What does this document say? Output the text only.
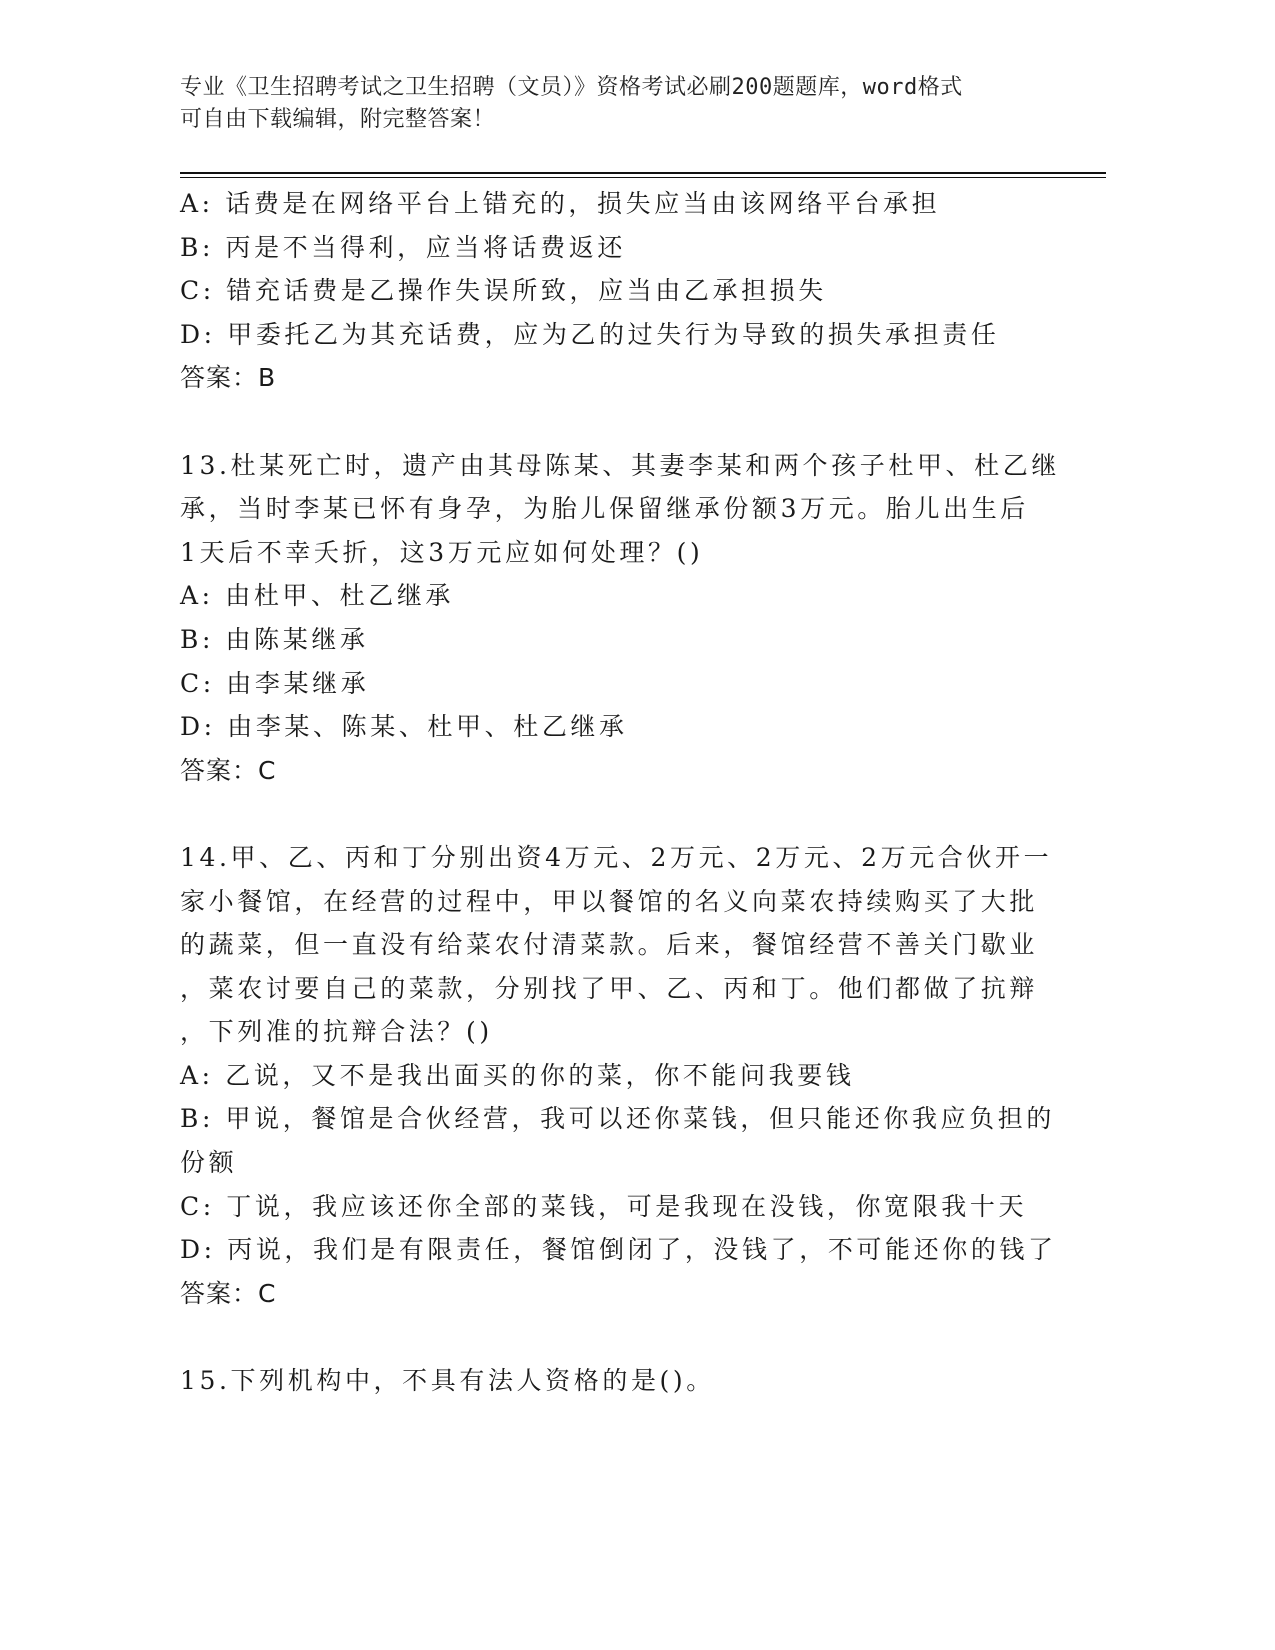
专业《卫生招聘考试之卫生招聘（文员）》资格考试必刷200题题库，word格式
可自由下载编辑，附完整答案！
A: 话费是在网络平台上错充的，损失应当由该网络平台承担
B: 丙是不当得利，应当将话费返还
C: 错充话费是乙操作失误所致，应当由乙承担损失
D: 甲委托乙为其充话费，应为乙的过失行为导致的损失承担责任
答案：B
13.杜某死亡时，遗产由其母陈某、其妻李某和两个孩子杜甲、杜乙继
承，当时李某已怀有身孕，为胎儿保留继承份额3万元。胎儿出生后
1天后不幸夭折，这3万元应如何处理？()
A: 由杜甲、杜乙继承
B: 由陈某继承
C: 由李某继承
D: 由李某、陈某、杜甲、杜乙继承
答案：C
14.甲、乙、丙和丁分别出资4万元、2万元、2万元、2万元合伙开一
家小餐馆，在经营的过程中，甲以餐馆的名义向菜农持续购买了大批
的蔬菜，但一直没有给菜农付清菜款。后来，餐馆经营不善关门歇业
，菜农讨要自己的菜款，分别找了甲、乙、丙和丁。他们都做了抗辩
，下列准的抗辩合法？()
A: 乙说，又不是我出面买的你的菜，你不能问我要钱
B: 甲说，餐馆是合伙经营，我可以还你菜钱，但只能还你我应负担的
份额
C: 丁说，我应该还你全部的菜钱，可是我现在没钱，你宽限我十天
D: 丙说，我们是有限责任，餐馆倒闭了，没钱了，不可能还你的钱了
答案：C
15.下列机构中，不具有法人资格的是()。
